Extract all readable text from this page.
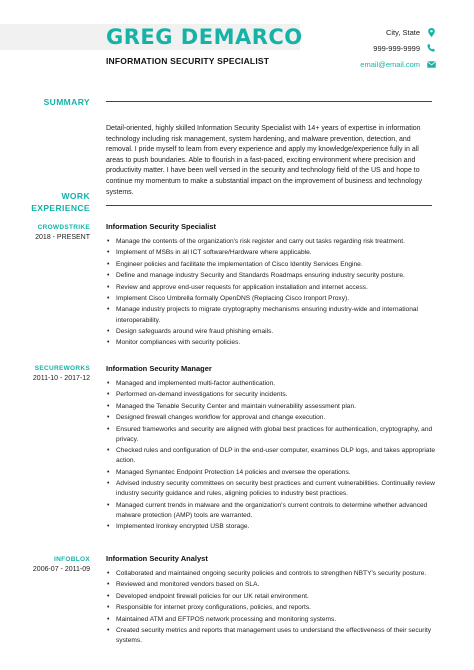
GREG DEMARCO
INFORMATION SECURITY SPECIALIST
City, State
999-999-9999
email@email.com
SUMMARY
Detail-oriented, highly skilled Information Security Specialist with 14+ years of expertise in information technology including risk management, system hardening, and malware prevention, detection, and removal. I pride myself to learn from every experience and apply my knowledge/experience fully in all areas to push boundaries. Able to flourish in a fast-paced, exciting environment where precision and productivity matter. I have been well versed in the security and technology field of the US and hope to continue my momentum to make a substantial impact on the improvement of business and technology systems.
WORK
EXPERIENCE
CROWDSTRIKE
2018 - PRESENT
Information Security Specialist
• Manage the contents of the organization's risk register and carry out tasks regarding risk treatment.
• Implement of MSBs in all ICT software/Hardware where applicable.
• Engineer policies and facilitate the implementation of Cisco Identity Services Engine.
• Define and manage industry Security and Standards Roadmaps ensuring industry security posture.
• Review and approve end-user requests for application installation and internet access.
• Implement Cisco Umbrella formally OpenDNS (Replacing Cisco Ironport Proxy).
• Manage industry projects to migrate cryptography mechanisms ensuring industry-wide and international interoperability.
• Design safeguards around wire fraud phishing emails.
• Monitor compliances with security policies.
SECUREWORKS
2011-10 - 2017-12
Information Security Manager
• Managed and implemented multi-factor authentication.
• Performed on-demand investigations for security incidents.
• Managed the Tenable Security Center and maintain vulnerability assessment plan.
• Designed firewall changes workflow for approval and change execution.
• Ensured frameworks and security are aligned with global best practices for authentication, cryptography, and privacy.
• Checked rules and configuration of DLP in the end-user computer, examines DLP logs, and takes appropriate action.
• Managed Symantec Endpoint Protection 14 policies and oversee the operations.
• Advised industry security committees on security best practices and current vulnerabilities. Continually review industry security guidance and rules, aligning policies to industry best practices.
• Managed current trends in malware and the organization's current controls to determine whether advanced malware protection (AMP) tools are warranted.
• Implemented Ironkey encrypted USB storage.
INFOBLOX
2006-07 - 2011-09
Information Security Analyst
• Collaborated and maintained ongoing security policies and controls to strengthen NBTY's security posture.
• Reviewed and monitored vendors based on SLA.
• Developed endpoint firewall policies for our UK retail environment.
• Responsible for internet proxy configurations, policies, and reports.
• Maintained ATM and EFTPOS network processing and monitoring systems.
• Created security metrics and reports that management uses to understand the effectiveness of their security systems.
